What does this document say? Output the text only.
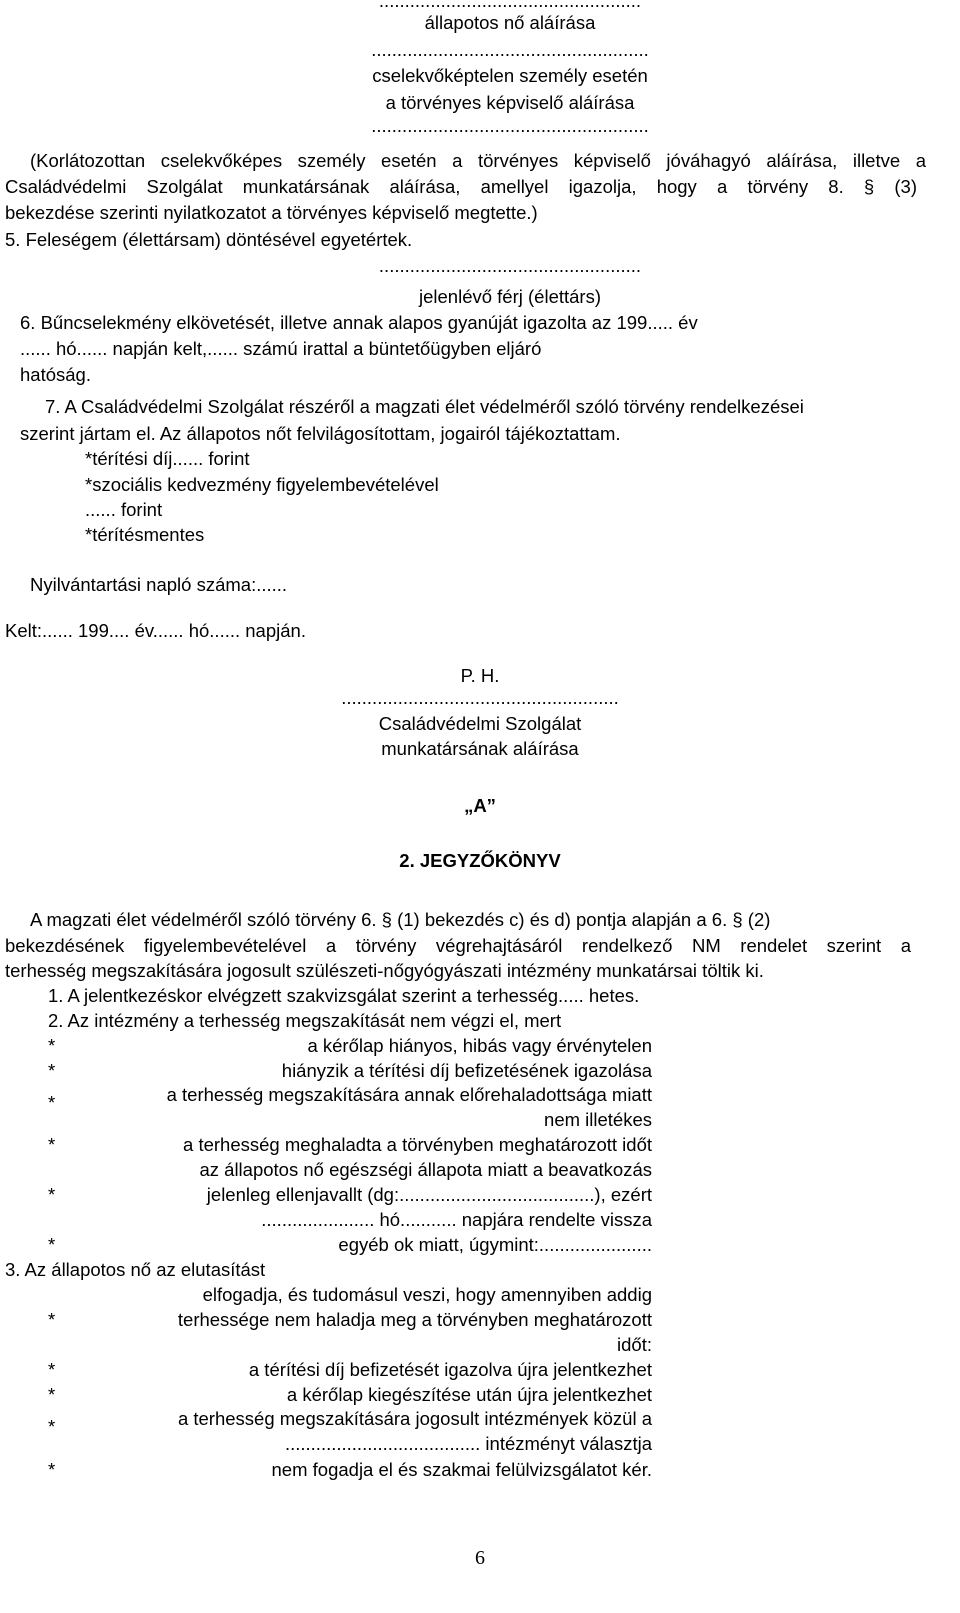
...................................................
állapotos nő aláírása
......................................................
cselekvőképtelen személy esetén
a törvényes képviselő aláírása
......................................................
(Korlátozottan cselekvőképes személy esetén a törvényes képviselő jóváhagyó aláírása, illetve a
Családvédelmi Szolgálat munkatársának aláírása, amellyel igazolja, hogy a törvény 8. § (3)
bekezdése szerinti nyilatkozatot a törvényes képviselő megtette.)
5. Feleségem (élettársam) döntésével egyetértek.
...................................................
jelenlévő férj (élettárs)
6. Bűncselekmény elkövetését, illetve annak alapos gyanúját igazolta az 199..... év
...... hó...... napján kelt,...... számú irattal a büntetőügyben eljáró
hatóság.
7. A Családvédelmi Szolgálat részéről a magzati élet védelméről szóló törvény rendelkezései
szerint jártam el. Az állapotos nőt felvilágosítottam, jogairól tájékoztattam.
*térítési díj...... forint
*szociális kedvezmény figyelembevételével
...... forint
*térítésmentes
Nyilvántartási napló száma:......
Kelt:...... 199.... év...... hó...... napján.
P. H.
......................................................
Családvédelmi Szolgálat
munkatársának aláírása
„A”
2. JEGYZŐKÖNYV
A magzati élet védelméről szóló törvény 6. § (1) bekezdés c) és d) pontja alapján a 6. § (2)
bekezdésének figyelembevételével a törvény végrehajtásáról rendelkező NM rendelet szerint a
terhesség megszakítására jogosult szülészeti-nőgyógyászati intézmény munkatársai töltik ki.
1. A jelentkezéskor elvégzett szakvizsgálat szerint a terhesség..... hetes.
2. Az intézmény a terhesség megszakítását nem végzi el, mert
*	a kérőlap hiányos, hibás vagy érvénytelen
*	hiányzik a térítési díj befizetésének igazolása
*	a terhesség megszakítására annak előrehaladottsága miatt
nem illetékes
*	a terhesség meghaladta a törvényben meghatározott időt
az állapotos nő egészségi állapota miatt a beavatkozás
*	jelenleg ellenjavallt (dg:......................................), ezért
...................... hó........... napjára rendelte vissza
*	egyéb ok miatt, úgymint:......................
3. Az állapotos nő az elutasítást
elfogadja, és tudomásul veszi, hogy amennyiben addig
*	terhessége nem haladja meg a törvényben meghatározott
időt:
*	a térítési díj befizetését igazolva újra jelentkezhet
*	a kérőlap kiegészítése után újra jelentkezhet
*	a terhesség megszakítására jogosult intézmények közül a
...................................... intézményt választja
*	nem fogadja el és szakmai felülvizsgálatot kér.
6
